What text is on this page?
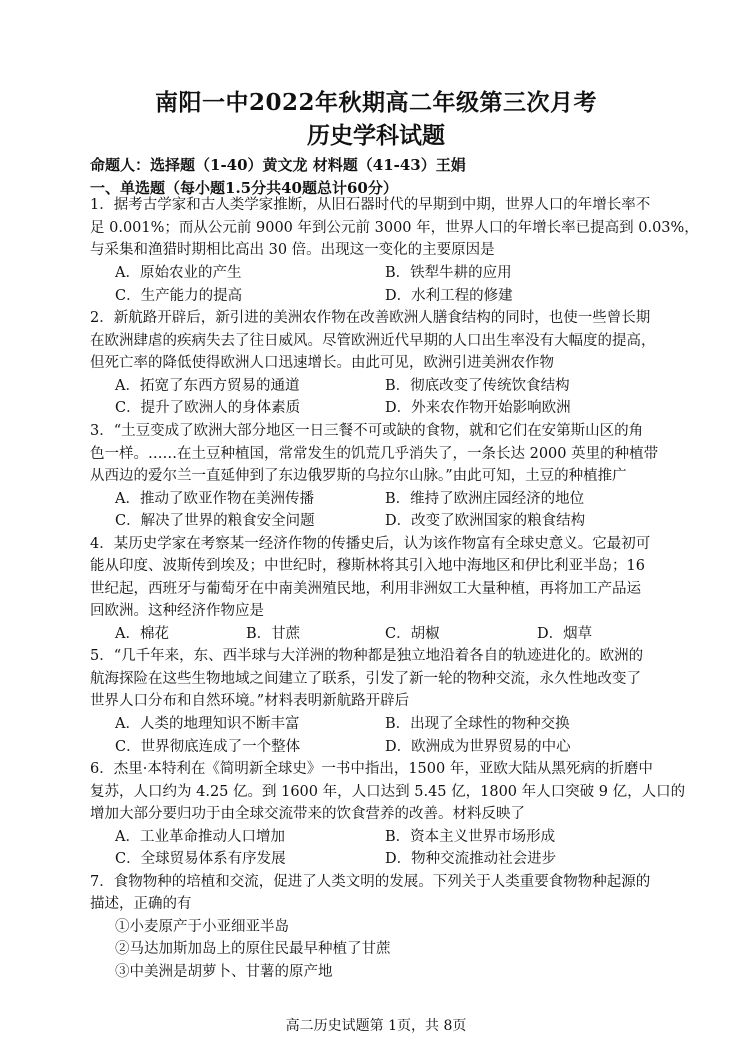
南阳一中2022年秋期高二年级第三次月考
历史学科试题
命题人：选择题（1-40）黄文龙 材料题（41-43）王娟
一、单选题（每小题1.5分共40题总计60分）
1．据考古学家和古人类学家推断，从旧石器时代的早期到中期，世界人口的年增长率不
足 0.001%；而从公元前 9000 年到公元前 3000 年，世界人口的年增长率已提高到 0.03%，
与采集和渔猎时期相比高出 30 倍。出现这一变化的主要原因是
A．原始农业的产生	B．铁犁牛耕的应用
C．生产能力的提高	D．水利工程的修建
2．新航路开辟后，新引进的美洲农作物在改善欧洲人膳食结构的同时，也使一些曾长期
在欧洲肆虐的疾病失去了往日威风。尽管欧洲近代早期的人口出生率没有大幅度的提高，
但死亡率的降低使得欧洲人口迅速增长。由此可见，欧洲引进美洲农作物
A．拓宽了东西方贸易的通道	B．彻底改变了传统饮食结构
C．提升了欧洲人的身体素质	D．外来农作物开始影响欧洲
3．“土豆变成了欧洲大部分地区一日三餐不可或缺的食物，就和它们在安第斯山区的角
色一样。……在土豆种植国，常常发生的饥荒几乎消失了，一条长达 2000 英里的种植带
从西边的爱尔兰一直延伸到了东边俄罗斯的乌拉尔山脉。”由此可知，土豆的种植推广
A．推动了欧亚作物在美洲传播	B．维持了欧洲庄园经济的地位
C．解决了世界的粮食安全问题	D．改变了欧洲国家的粮食结构
4．某历史学家在考察某一经济作物的传播史后，认为该作物富有全球史意义。它最初可
能从印度、波斯传到埃及；中世纪时，穆斯林将其引入地中海地区和伊比利亚半岛；16
世纪起，西班牙与葡萄牙在中南美洲殖民地，利用非洲奴工大量种植，再将加工产品运
回欧洲。这种经济作物应是
A．棉花	B．甘蔗	C．胡椒	D．烟草
5．“几千年来，东、西半球与大洋洲的物种都是独立地沿着各自的轨迹进化的。欧洲的
航海探险在这些生物地域之间建立了联系，引发了新一轮的物种交流，永久性地改变了
世界人口分布和自然环境。”材料表明新航路开辟后
A．人类的地理知识不断丰富	B．出现了全球性的物种交换
C．世界彻底连成了一个整体	D．欧洲成为世界贸易的中心
6．杰里·本特利在《简明新全球史》一书中指出，1500 年，亚欧大陆从黑死病的折磨中
复苏，人口约为 4.25 亿。到 1600 年，人口达到 5.45 亿，1800 年人口突破 9 亿，人口的
增加大部分要归功于由全球交流带来的饮食营养的改善。材料反映了
A．工业革命推动人口增加	B．资本主义世界市场形成
C．全球贸易体系有序发展	D．物种交流推动社会进步
7．食物物种的培植和交流，促进了人类文明的发展。下列关于人类重要食物物种起源的
描述，正确的有
①小麦原产于小亚细亚半岛
②马达加斯加岛上的原住民最早种植了甘蔗
③中美洲是胡萝卜、甘薯的原产地
高二历史试题第 1页，共 8页
